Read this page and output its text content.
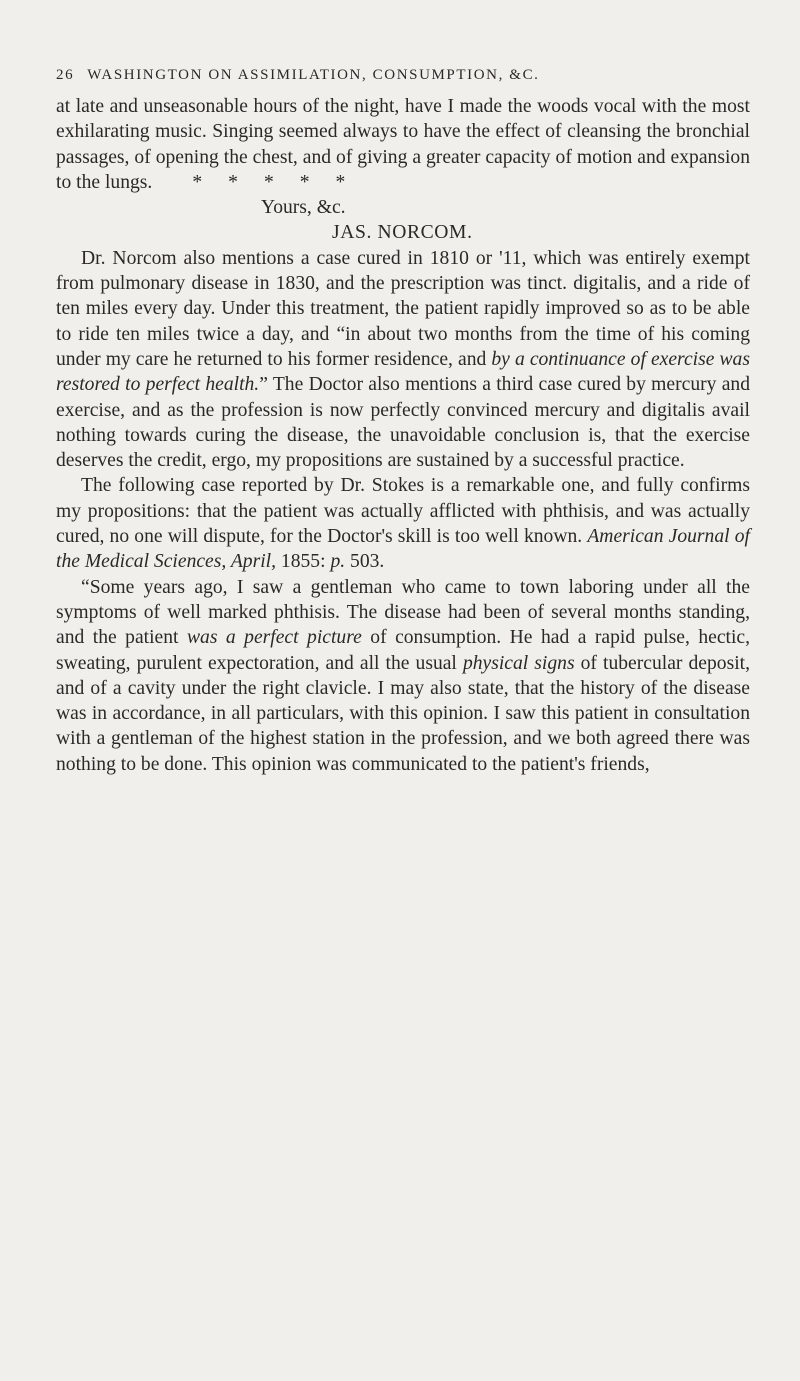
26 WASHINGTON ON ASSIMILATION, CONSUMPTION, &C.

at late and unseasonable hours of the night, have I made the woods vocal with the most exhilarating music. Singing seemed always to have the effect of cleansing the bronchial passages, of opening the chest, and of giving a greater capacity of motion and expansion to the lungs. * * * * *

Yours, &c.

JAS. NORCOM.

Dr. Norcom also mentions a case cured in 1810 or '11, which was entirely exempt from pulmonary disease in 1830, and the prescription was tinct. digitalis, and a ride of ten miles every day. Under this treatment, the patient rapidly improved so as to be able to ride ten miles twice a day, and “in about two months from the time of his coming under my care he returned to his former residence, and by a continuance of exercise was restored to perfect health.” The Doctor also mentions a third case cured by mercury and exercise, and as the profession is now perfectly convinced mercury and digitalis avail nothing towards curing the disease, the unavoidable conclusion is, that the exercise deserves the credit, ergo, my propositions are sustained by a successful practice.

The following case reported by Dr. Stokes is a remarkable one, and fully confirms my propositions: that the patient was actually afflicted with phthisis, and was actually cured, no one will dispute, for the Doctor's skill is too well known. American Journal of the Medical Sciences, April, 1855: p. 503.

“Some years ago, I saw a gentleman who came to town laboring under all the symptoms of well marked phthisis. The disease had been of several months standing, and the patient was a perfect picture of consumption. He had a rapid pulse, hectic, sweating, purulent expectoration, and all the usual physical signs of tubercular deposit, and of a cavity under the right clavicle. I may also state, that the history of the disease was in accordance, in all particulars, with this opinion. I saw this patient in consultation with a gentleman of the highest station in the profession, and we both agreed there was nothing to be done. This opinion was communicated to the patient's friends,
